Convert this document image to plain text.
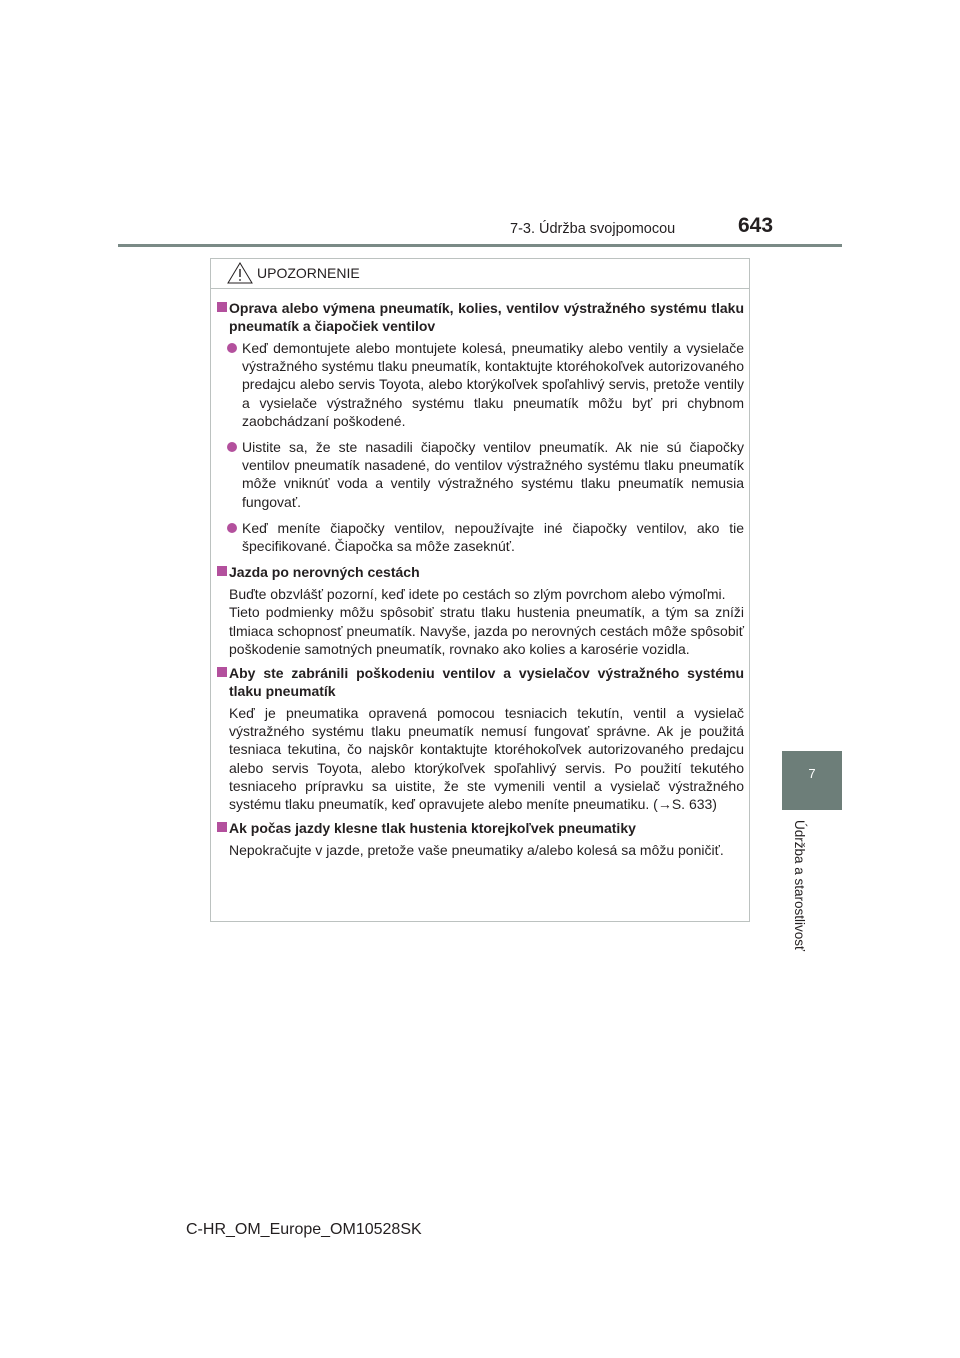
7-3. Údržba svojpomocou	643
7
Údržba a starostlivosť
UPOZORNENIE
Oprava alebo výmena pneumatík, kolies, ventilov výstražného systému tlaku pneumatík a čiapočiek ventilov
Keď demontujete alebo montujete kolesá, pneumatiky alebo ventily a vysielače výstražného systému tlaku pneumatík, kontaktujte ktoréhokoľvek autorizovaného predajcu alebo servis Toyota, alebo ktorýkoľvek spoľahlivý servis, pretože ventily a vysielače výstražného systému tlaku pneumatík môžu byť pri chybnom zaobchádzaní poškodené.
Uistite sa, že ste nasadili čiapočky ventilov pneumatík. Ak nie sú čiapočky ventilov pneumatík nasadené, do ventilov výstražného systému tlaku pneumatík môže vniknúť voda a ventily výstražného systému tlaku pneumatík nemusia fungovať.
Keď meníte čiapočky ventilov, nepoužívajte iné čiapočky ventilov, ako tie špecifikované. Čiapočka sa môže zaseknúť.
Jazda po nerovných cestách
Buďte obzvlášť pozorní, keď idete po cestách so zlým povrchom alebo výmoľmi.
Tieto podmienky môžu spôsobiť stratu tlaku hustenia pneumatík, a tým sa zníži tlmiaca schopnosť pneumatík. Navyše, jazda po nerovných cestách môže spôsobiť poškodenie samotných pneumatík, rovnako ako kolies a karosérie vozidla.
Aby ste zabránili poškodeniu ventilov a vysielačov výstražného systému tlaku pneumatík
Keď je pneumatika opravená pomocou tesniacich tekutín, ventil a vysielač výstražného systému tlaku pneumatík nemusí fungovať správne. Ak je použitá tesniaca tekutina, čo najskôr kontaktujte ktoréhokoľvek autorizovaného predajcu alebo servis Toyota, alebo ktorýkoľvek spoľahlivý servis. Po použití tekutého tesniaceho prípravku sa uistite, že ste vymenili ventil a vysielač výstražného systému tlaku pneumatík, keď opravujete alebo meníte pneumatiku. (→S. 633)
Ak počas jazdy klesne tlak hustenia ktorejkoľvek pneumatiky
Nepokračujte v jazde, pretože vaše pneumatiky a/alebo kolesá sa môžu poničiť.
C-HR_OM_Europe_OM10528SK
